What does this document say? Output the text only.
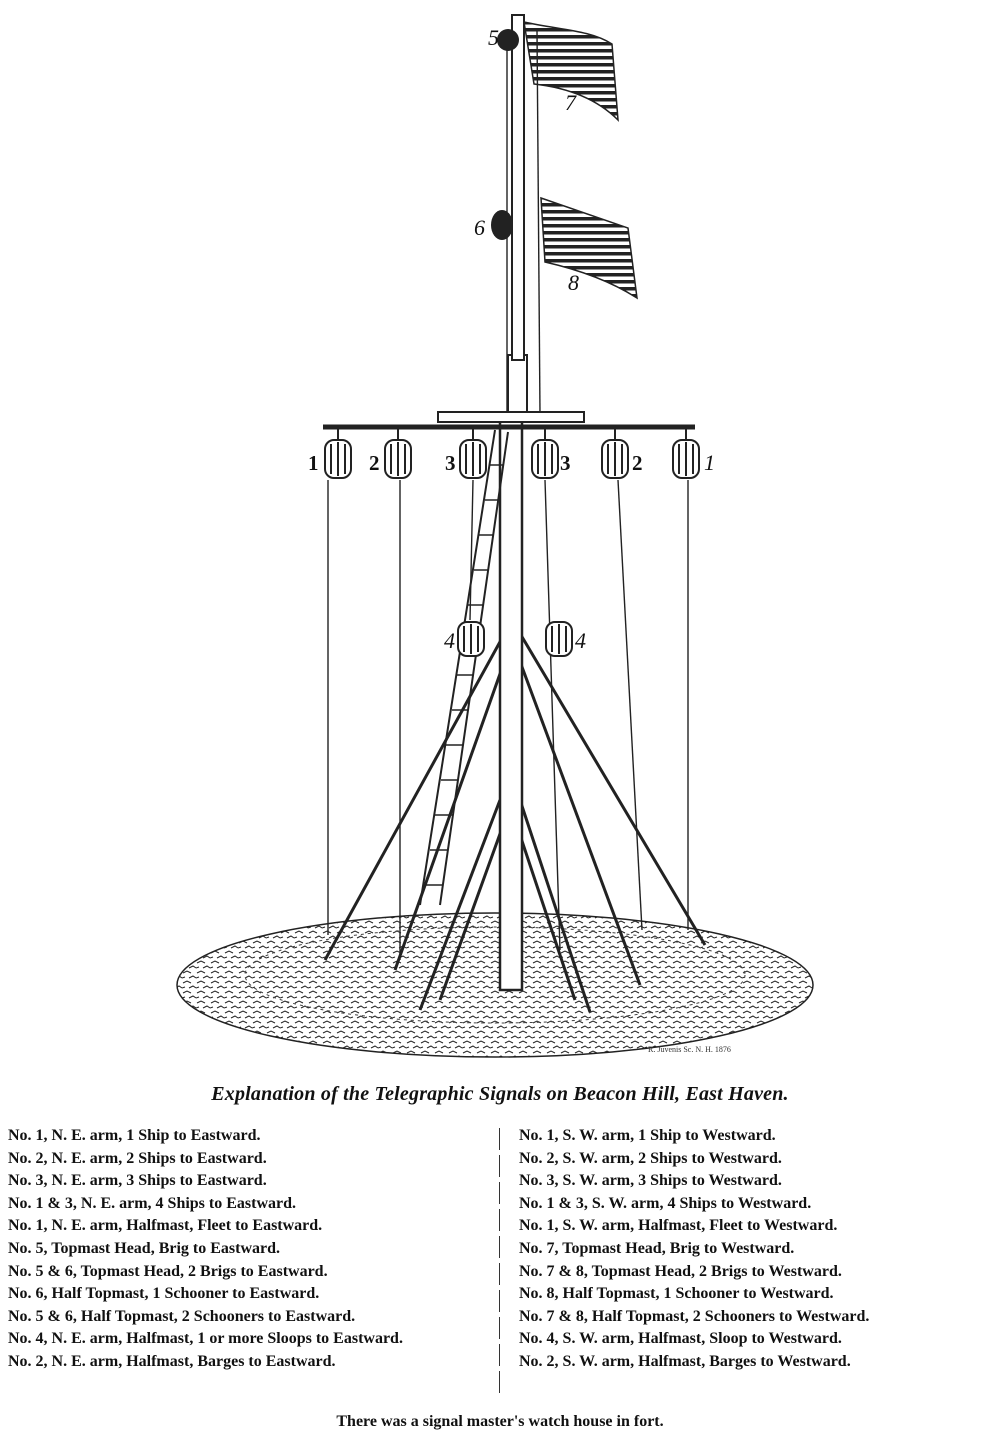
5
6
7
8
1 2	3	3	2	1
4	4
R. Juvenis Sc. N. H. 1876
Explanation of the Telegraphic Signals on Beacon Hill, East Haven.

No. 1, N. E. arm, 1 Ship to Eastward.

No. 2, N. E. arm, 2 Ships to Eastward.

No. 3, N. E. arm, 3 Ships to Eastward.

No. 1 & 3, N. E. arm, 4 Ships to Eastward.

No. 1, N. E. arm, Halfmast, Fleet to Eastward.

No. 5, Topmast Head, Brig to Eastward.

No. 5 & 6, Topmast Head, 2 Brigs to Eastward.

No. 6, Half Topmast, 1 Schooner to Eastward.

No. 5 & 6, Half Topmast, 2 Schooners to Eastward.

No. 4, N. E. arm, Halfmast, 1 or more Sloops to Eastward.

No. 2, N. E. arm, Halfmast, Barges to Eastward.

No. 1, S. W. arm, 1 Ship to Westward.

No. 2, S. W. arm, 2 Ships to Westward.

No. 3, S. W. arm, 3 Ships to Westward.

No. 1 & 3, S. W. arm, 4 Ships to Westward.

No. 1, S. W. arm, Halfmast, Fleet to Westward.

No. 7, Topmast Head, Brig to Westward.

No. 7 & 8, Topmast Head, 2 Brigs to Westward.

No. 8, Half Topmast, 1 Schooner to Westward.

No. 7 & 8, Half Topmast, 2 Schooners to Westward.

No. 4, S. W. arm, Halfmast, Sloop to Westward.

No. 2, S. W. arm, Halfmast, Barges to Westward.

There was a signal master's watch house in fort.
